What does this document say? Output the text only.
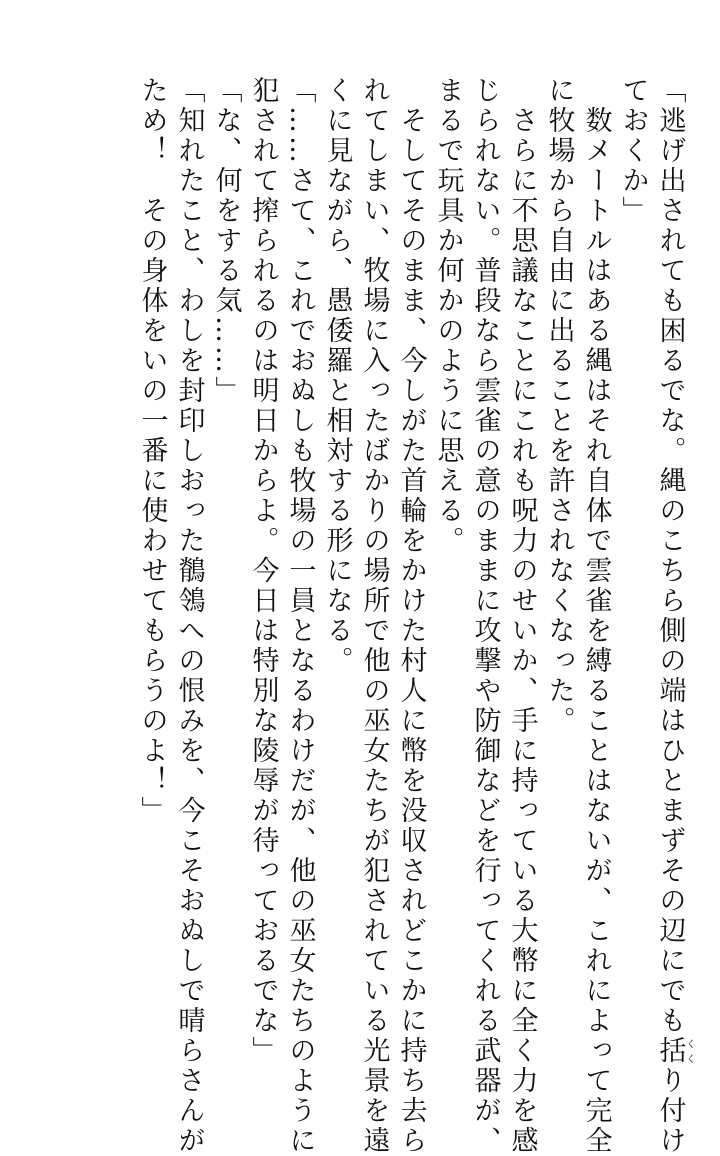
「逃げ出されても困るでな。縄のこちら側の端はひとまずその辺にでも括くくり付け
ておくか」
　数メートルはある縄はそれ自体で雲雀を縛ることはないが、これによって完全
に牧場から自由に出ることを許されなくなった。
　さらに不思議なことにこれも呪力のせいか、手に持っている大幣に全く力を感
じられない。普段なら雲雀の意のままに攻撃や防御などを行ってくれる武器が、
まるで玩具か何かのように思える。
　そしてそのまま、今しがた首輪をかけた村人に幣を没収されどこかに持ち去ら
れてしまい、牧場に入ったばかりの場所で他の巫女たちが犯されている光景を遠
くに見ながら、愚倭羅と相対する形になる。
「……さて、これでおぬしも牧場の一員となるわけだが、他の巫女たちのように
犯されて搾られるのは明日からよ。今日は特別な陵辱が待っておるでな」
「な、何をする気……」
「知れたこと、わしを封印しおった鶺鴒への恨みを、今こそおぬしで晴らさんが
ため！　その身体をいの一番に使わせてもらうのよ！」
